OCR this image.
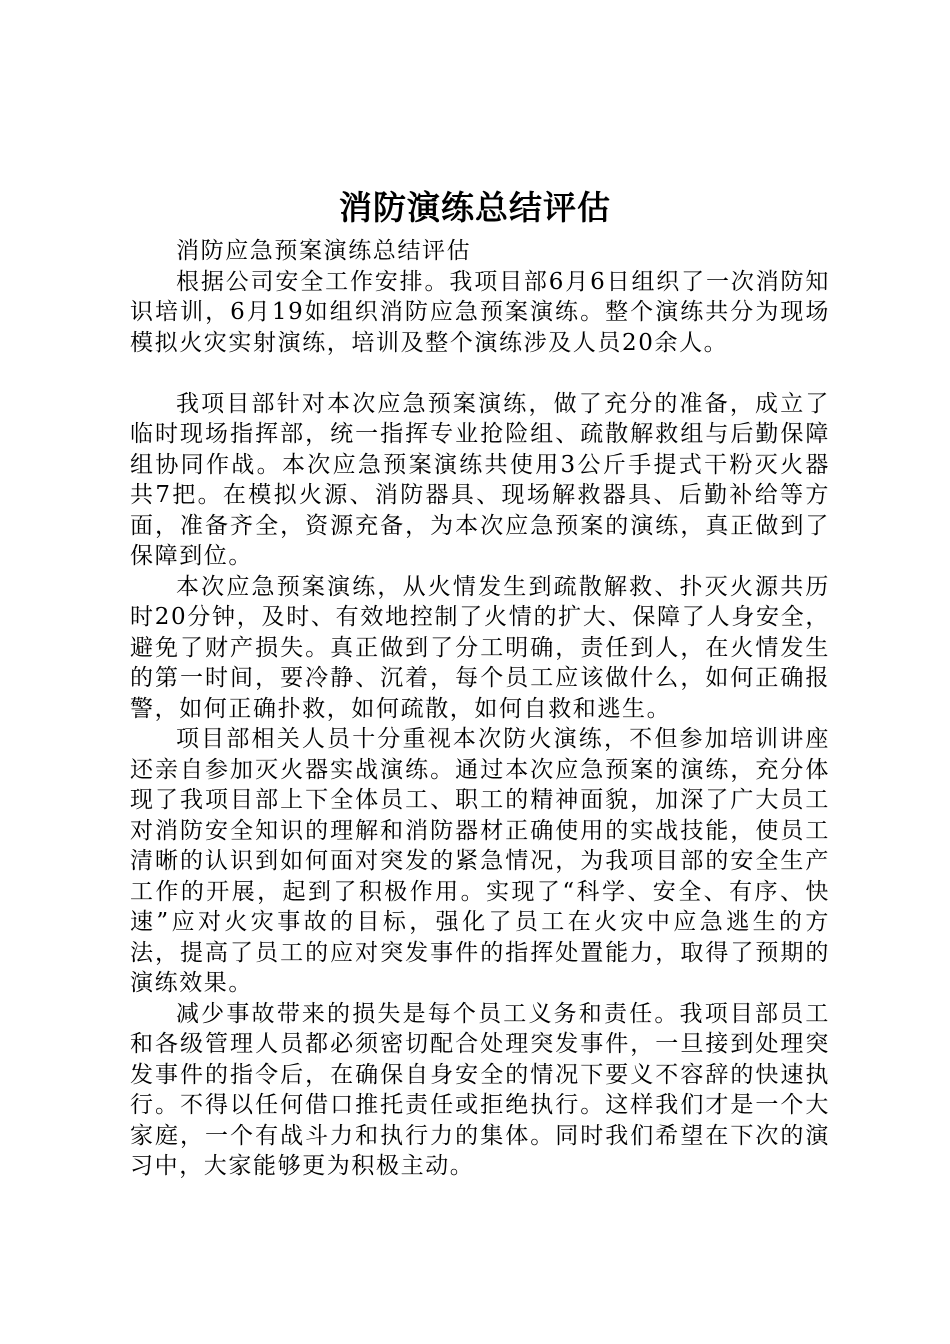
消防演练总结评估

消防应急预案演练总结评估

根据公司安全工作安排。我项目部6月6日组织了一次消防知识培训，6月19如组织消防应急预案演练。整个演练共分为现场模拟火灾实射演练，培训及整个演练涉及人员20余人。

我项目部针对本次应急预案演练，做了充分的准备，成立了临时现场指挥部，统一指挥专业抢险组、疏散解救组与后勤保障组协同作战。本次应急预案演练共使用3公斤手提式干粉灭火器共7把。在模拟火源、消防器具、现场解救器具、后勤补给等方面，准备齐全，资源充备，为本次应急预案的演练，真正做到了保障到位。

本次应急预案演练，从火情发生到疏散解救、扑灭火源共历时20分钟，及时、有效地控制了火情的扩大、保障了人身安全，避免了财产损失。真正做到了分工明确，责任到人，在火情发生的第一时间，要冷静、沉着，每个员工应该做什么，如何正确报警，如何正确扑救，如何疏散，如何自救和逃生。

项目部相关人员十分重视本次防火演练，不但参加培训讲座还亲自参加灭火器实战演练。通过本次应急预案的演练，充分体现了我项目部上下全体员工、职工的精神面貌，加深了广大员工对消防安全知识的理解和消防器材正确使用的实战技能，使员工清晰的认识到如何面对突发的紧急情况，为我项目部的安全生产工作的开展，起到了积极作用。实现了“科学、安全、有序、快速”应对火灾事故的目标，强化了员工在火灾中应急逃生的方法，提高了员工的应对突发事件的指挥处置能力，取得了预期的演练效果。

减少事故带来的损失是每个员工义务和责任。我项目部员工和各级管理人员都必须密切配合处理突发事件，一旦接到处理突发事件的指令后，在确保自身安全的情况下要义不容辞的快速执行。不得以任何借口推托责任或拒绝执行。这样我们才是一个大家庭，一个有战斗力和执行力的集体。同时我们希望在下次的演习中，大家能够更为积极主动。
